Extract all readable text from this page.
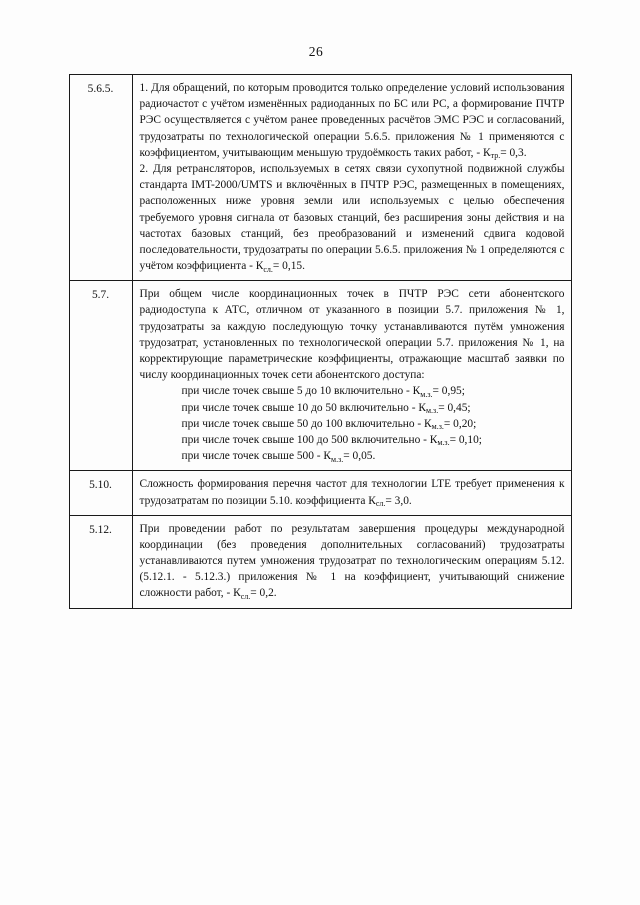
26
5.6.5.	1. Для обращений, по которым проводится только определение условий использования радиочастот с учётом изменённых радиоданных по БС или РС, а формирование ПЧТР РЭС осуществляется с учётом ранее проведенных расчётов ЭМС РЭС и согласований, трудозатраты по технологической операции 5.6.5. приложения № 1 применяются с коэффициентом, учитывающим меньшую трудоёмкость таких работ, - $К_{тр.}= 0,3$.
2. Для ретрансляторов, используемых в сетях связи сухопутной подвижной службы стандарта IMT-2000/UMTS и включённых в ПЧТР РЭС, размещенных в помещениях, расположенных ниже уровня земли или используемых с целью обеспечения требуемого уровня сигнала от базовых станций, без расширения зоны действия и на частотах базовых станций, без преобразований и изменений сдвига кодовой последовательности, трудозатраты по операции 5.6.5. приложения № 1 определяются с учётом коэффициента - $К_{сл.}= 0,15$.

5.7.	При общем числе координационных точек в ПЧТР РЭС сети абонентского радиодоступа к АТС, отличном от указанного в позиции 5.7. приложения № 1, трудозатраты за каждую последующую точку устанавливаются путём умножения трудозатрат, установленных по технологической операции 5.7. приложения № 1, на корректирующие параметрические коэффициенты, отражающие масштаб заявки по числу координационных точек сети абонентского доступа:
при числе точек свыше 5 до 10 включительно - $К_{м.з.}= 0,95$;
при числе точек свыше 10 до 50 включительно - $К_{м.з.}= 0,45$;
при числе точек свыше 50 до 100 включительно - $К_{м.з.}= 0,20$;
при числе точек свыше 100 до 500 включительно - $К_{м.з.}= 0,10$;
при числе точек свыше $500 - К_{м.з.}= 0,05$.

5.10.	Сложность формирования перечня частот для технологии LTE требует применения к трудозатратам по позиции 5.10. коэффициента $К_{сл.}= 3,0$.

5.12.	При проведении работ по результатам завершения процедуры международной координации (без проведения дополнительных согласований) трудозатраты устанавливаются путем умножения трудозатрат по технологическим операциям 5.12. (5.12.1. - 5.12.3.) приложения № 1 на коэффициент, учитывающий снижение сложности работ, - $К_{сл.}= 0,2$.
